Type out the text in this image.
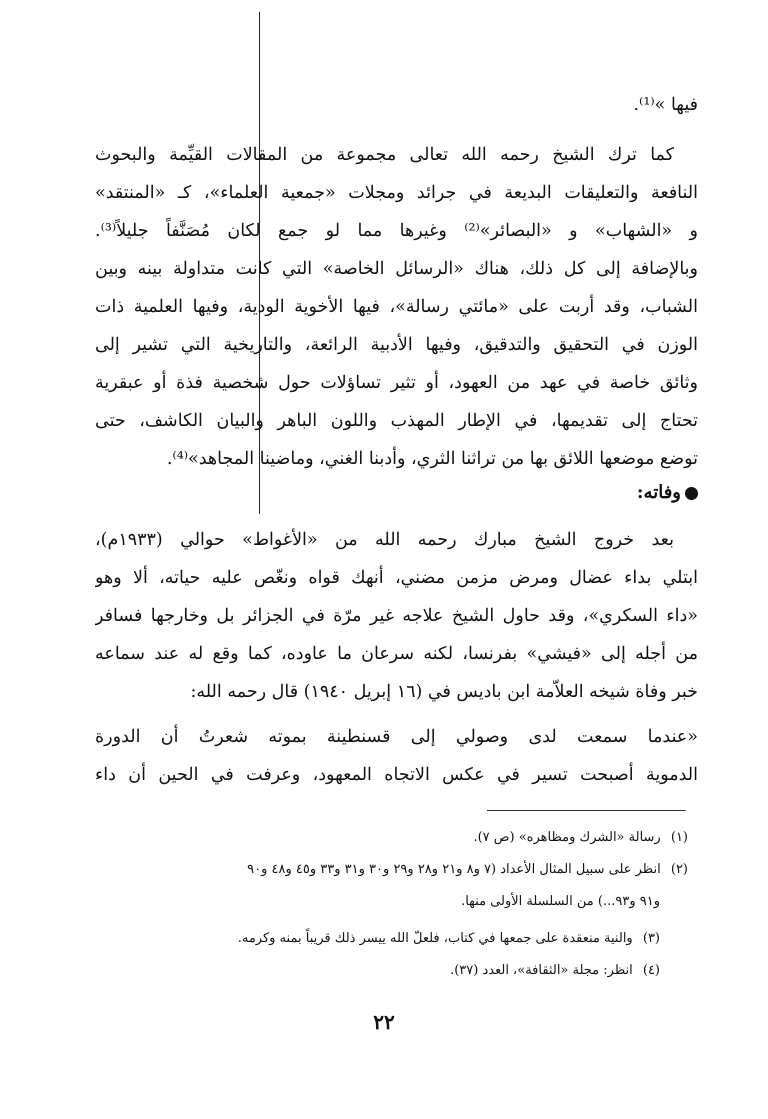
فيها »⁽¹⁾.
كما ترك الشيخ رحمه الله تعالى مجموعة من المقالات القيِّمة والبحوث
النافعة والتعليقات البديعة في جرائد ومجلات «جمعية العلماء»، كـ «المنتقد»
و «الشهاب» و «البصائر»⁽²⁾ وغيرها مما لو جمع لكان مُصَنَّفاً جليلاً⁽³⁾.
وبالإضافة إلى كل ذلك، هناك «الرسائل الخاصة» التي كانت متداولة بينه وبين
الشباب، وقد أربت على «مائتي رسالة»، فيها الأخوية الودية، وفيها العلمية ذات
الوزن في التحقيق والتدقيق، وفيها الأدبية الرائعة، والتاريخية التي تشير إلى
وثائق خاصة في عهد من العهود، أو تثير تساؤلات حول شخصية فذة أو عبقرية
تحتاج إلى تقديمها، في الإطار المهذب واللون الباهر والبيان الكاشف، حتى
توضع موضعها اللائق بها من تراثنا الثري، وأدبنا الغني، وماضينا المجاهد»⁽⁴⁾.
وفاته:
بعد خروج الشيخ مبارك رحمه الله من «الأغواط» حوالي (١٩٣٣م)،
ابتلي بداء عضال ومرض مزمن مضني، أنهك قواه ونغّص عليه حياته، ألا وهو
«داء السكري»، وقد حاول الشيخ علاجه غير مرّة في الجزائر بل وخارجها فسافر
من أجله إلى «فيشي» بفرنسا، لكنه سرعان ما عاوده، كما وقع له عند سماعه
خبر وفاة شيخه العلاّمة ابن باديس في (١٦ إبريل ١٩٤٠) قال رحمه الله:
«عندما سمعت لدى وصولي إلى قسنطينة بموته شعرتُ أن الدورة
الدموية أصبحت تسير في عكس الاتجاه المعهود، وعرفت في الحين أن داء
(١) رسالة «الشرك ومظاهره» (ص ٧).
(٢) انظر على سبيل المثال الأعداد (٧ و٨ و٢١ و٢٨ و٢٩ و٣٠ و٣١ و٣٣ و٤٥ و٤٨ و٩٠
و٩١ و٩٣...) من السلسلة الأولى منها.
(٣) والنية منعقدة على جمعها في كتاب، فلعلّ الله ييسر ذلك قريباً بمنه وكرمه.
(٤) انظر: مجلة «الثقافة»، العدد (٣٧).
٢٢
